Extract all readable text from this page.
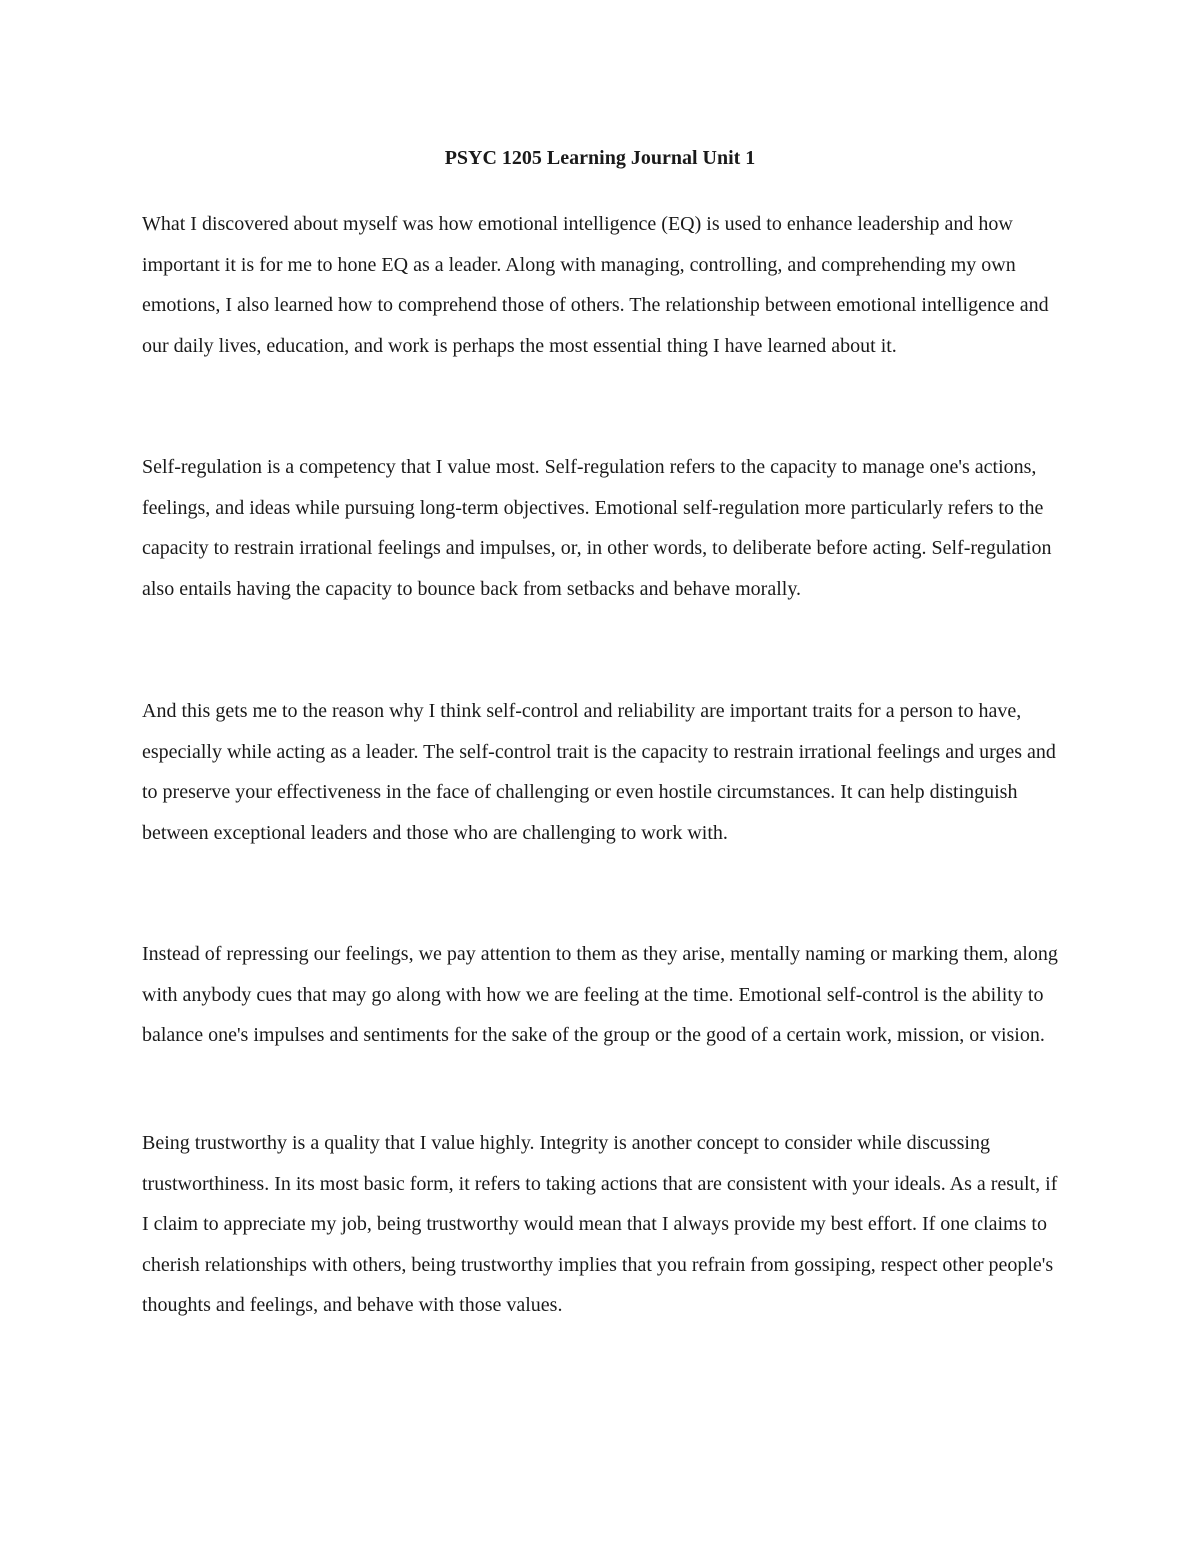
PSYC 1205 Learning Journal Unit 1

What I discovered about myself was how emotional intelligence (EQ) is used to enhance leadership and how important it is for me to hone EQ as a leader. Along with managing, controlling, and comprehending my own emotions, I also learned how to comprehend those of others. The relationship between emotional intelligence and our daily lives, education, and work is perhaps the most essential thing I have learned about it.

Self-regulation is a competency that I value most. Self-regulation refers to the capacity to manage one's actions, feelings, and ideas while pursuing long-term objectives. Emotional self-regulation more particularly refers to the capacity to restrain irrational feelings and impulses, or, in other words, to deliberate before acting. Self-regulation also entails having the capacity to bounce back from setbacks and behave morally.

And this gets me to the reason why I think self-control and reliability are important traits for a person to have, especially while acting as a leader. The self-control trait is the capacity to restrain irrational feelings and urges and to preserve your effectiveness in the face of challenging or even hostile circumstances. It can help distinguish between exceptional leaders and those who are challenging to work with.

Instead of repressing our feelings, we pay attention to them as they arise, mentally naming or marking them, along with anybody cues that may go along with how we are feeling at the time. Emotional self-control is the ability to balance one's impulses and sentiments for the sake of the group or the good of a certain work, mission, or vision.

Being trustworthy is a quality that I value highly. Integrity is another concept to consider while discussing trustworthiness. In its most basic form, it refers to taking actions that are consistent with your ideals. As a result, if I claim to appreciate my job, being trustworthy would mean that I always provide my best effort. If one claims to cherish relationships with others, being trustworthy implies that you refrain from gossiping, respect other people's thoughts and feelings, and behave with those values.
